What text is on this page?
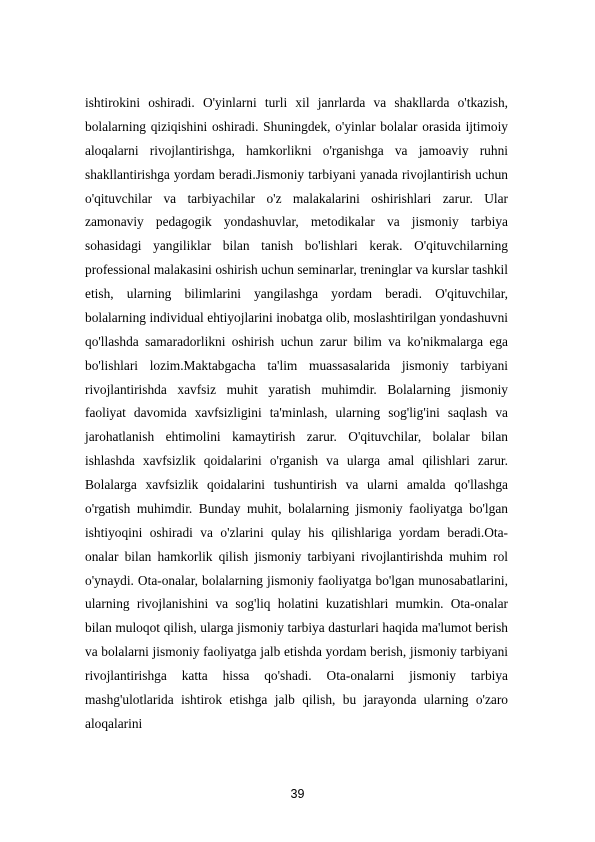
ishtirokini oshiradi. O'yinlarni turli xil janrlarda va shakllarda o'tkazish, bolalarning qiziqishini oshiradi. Shuningdek, o'yinlar bolalar orasida ijtimoiy aloqalarni rivojlantirishga, hamkorlikni o'rganishga va jamoaviy ruhni shakllantirishga yordam beradi.Jismoniy tarbiyani yanada rivojlantirish uchun o'qituvchilar va tarbiyachilar o'z malakalarini oshirishlari zarur. Ular zamonaviy pedagogik yondashuvlar, metodikalar va jismoniy tarbiya sohasidagi yangiliklar bilan tanish bo'lishlari kerak. O'qituvchilarning professional malakasini oshirish uchun seminarlar, treninglar va kurslar tashkil etish, ularning bilimlarini yangilashga yordam beradi. O'qituvchilar, bolalarning individual ehtiyojlarini inobatga olib, moslashtirilgan yondashuvni qo'llashda samaradorlikni oshirish uchun zarur bilim va ko'nikmalarga ega bo'lishlari lozim.Maktabgacha ta'lim muassasalarida jismoniy tarbiyani rivojlantirishda xavfsiz muhit yaratish muhimdir. Bolalarning jismoniy faoliyat davomida xavfsizligini ta'minlash, ularning sog'lig'ini saqlash va jarohatlanish ehtimolini kamaytirish zarur. O'qituvchilar, bolalar bilan ishlashda xavfsizlik qoidalarini o'rganish va ularga amal qilishlari zarur. Bolalarga xavfsizlik qoidalarini tushuntirish va ularni amalda qo'llashga o'rgatish muhimdir. Bunday muhit, bolalarning jismoniy faoliyatga bo'lgan ishtiyoqini oshiradi va o'zlarini qulay his qilishlariga yordam beradi.Ota-onalar bilan hamkorlik qilish jismoniy tarbiyani rivojlantirishda muhim rol o'ynaydi. Ota-onalar, bolalarning jismoniy faoliyatga bo'lgan munosabatlarini, ularning rivojlanishini va sog'liq holatini kuzatishlari mumkin. Ota-onalar bilan muloqot qilish, ularga jismoniy tarbiya dasturlari haqida ma'lumot berish va bolalarni jismoniy faoliyatga jalb etishda yordam berish, jismoniy tarbiyani rivojlantirishga katta hissa qo'shadi. Ota-onalarni jismoniy tarbiya mashg'ulotlarida ishtirok etishga jalb qilish, bu jarayonda ularning o'zaro aloqalarini

39
